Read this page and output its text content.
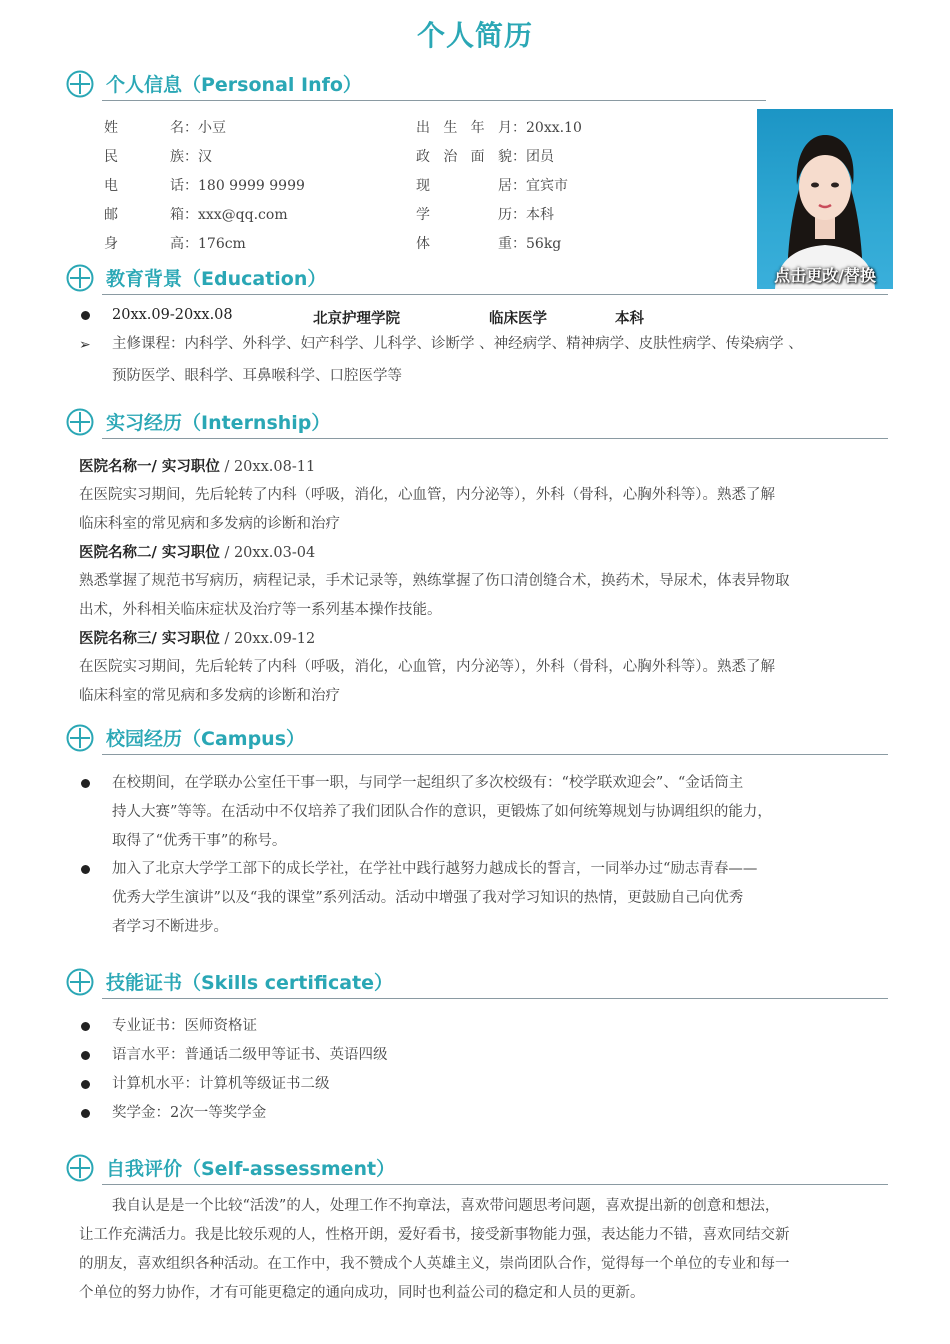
个人简历
个人信息（Personal Info）
姓名：小豆
民族：汉
电话：180 9999 9999
邮箱：xxx@qq.com
身高：176cm
出生年月：20xx.10
政治面貌：团员
现居：宜宾市
学历：本科
体重：56kg
点击更改/替换
教育背景（Education）
20xx.09-20xx.08	北京护理学院	临床医学	本科
➢ 主修课程：内科学、外科学、妇产科学、儿科学、诊断学 、神经病学、精神病学、皮肤性病学、传染病学 、
预防医学、眼科学、耳鼻喉科学、口腔医学等
实习经历（Internship）
医院名称一/ 实习职位 / 20xx.08-11
在医院实习期间，先后轮转了内科（呼吸，消化，心血管，内分泌等），外科（骨科，心胸外科等）。熟悉了解
临床科室的常见病和多发病的诊断和治疗
医院名称二/ 实习职位 / 20xx.03-04
熟悉掌握了规范书写病历，病程记录，手术记录等，熟练掌握了伤口清创缝合术，换药术，导尿术，体表异物取
出术，外科相关临床症状及治疗等一系列基本操作技能。
医院名称三/ 实习职位 / 20xx.09-12
在医院实习期间，先后轮转了内科（呼吸，消化，心血管，内分泌等），外科（骨科，心胸外科等）。熟悉了解
临床科室的常见病和多发病的诊断和治疗
校园经历（Campus）
在校期间，在学联办公室任干事一职，与同学一起组织了多次校级有：“校学联欢迎会”、“金话筒主
持人大赛”等等。在活动中不仅培养了我们团队合作的意识，更锻炼了如何统筹规划与协调组织的能力，
取得了“优秀干事”的称号。
加入了北京大学学工部下的成长学社，在学社中践行越努力越成长的誓言，一同举办过“励志青春——
优秀大学生演讲”以及“我的课堂”系列活动。活动中增强了我对学习知识的热情，更鼓励自己向优秀
者学习不断进步。
技能证书（Skills certificate）
专业证书：医师资格证
语言水平：普通话二级甲等证书、英语四级
计算机水平：计算机等级证书二级
奖学金：2次一等奖学金
自我评价（Self-assessment）
我自认是是一个比较“活泼”的人，处理工作不拘章法，喜欢带问题思考问题，喜欢提出新的创意和想法，
让工作充满活力。我是比较乐观的人，性格开朗，爱好看书，接受新事物能力强，表达能力不错，喜欢同结交新
的朋友，喜欢组织各种活动。在工作中，我不赞成个人英雄主义，崇尚团队合作，觉得每一个单位的专业和每一
个单位的努力协作，才有可能更稳定的通向成功，同时也利益公司的稳定和人员的更新。
